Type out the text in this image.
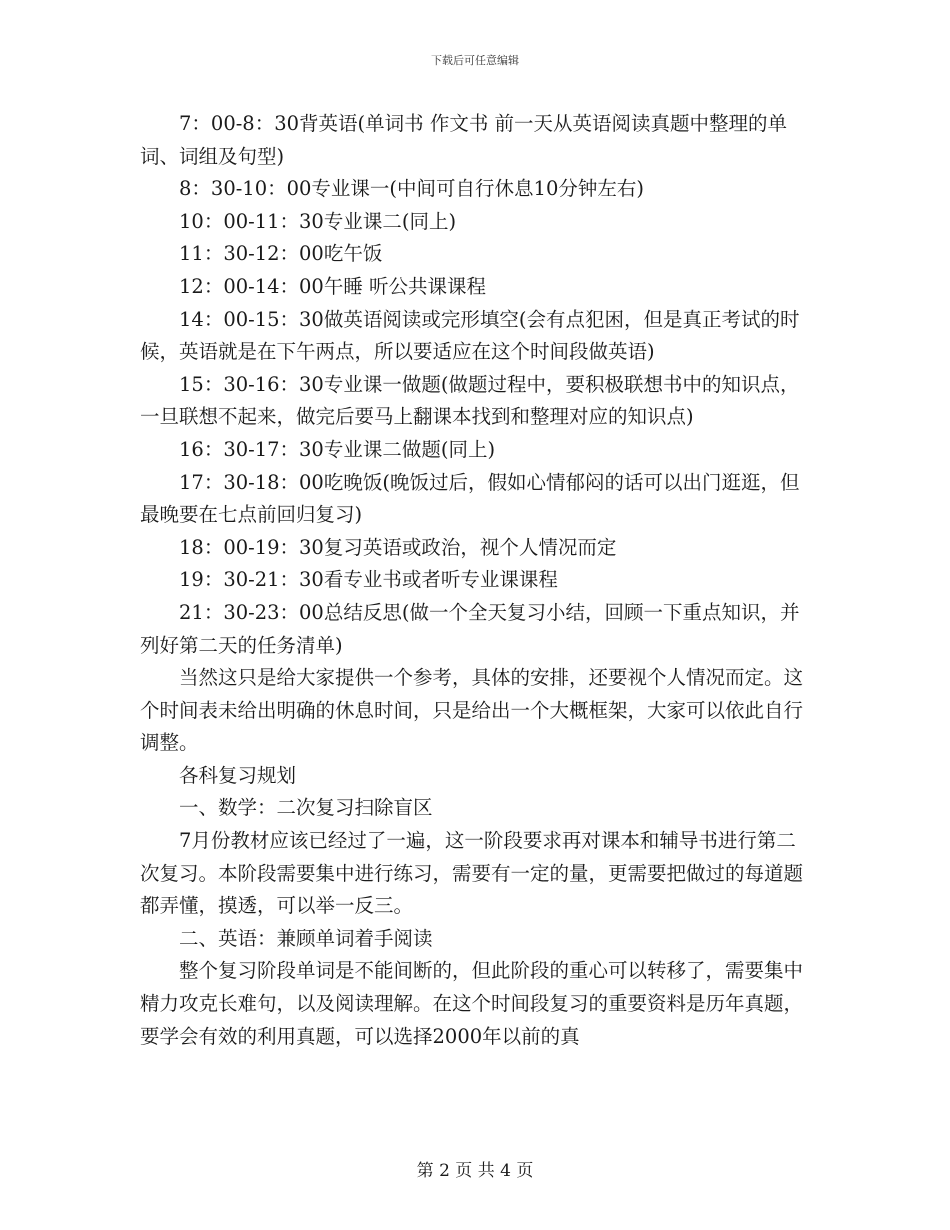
下载后可任意编辑

7：00-8：30背英语(单词书 作文书 前一天从英语阅读真题中整理的单词、词组及句型)

8：30-10：00专业课一(中间可自行休息10分钟左右)

10：00-11：30专业课二(同上)

11：30-12：00吃午饭

12：00-14：00午睡 听公共课课程

14：00-15：30做英语阅读或完形填空(会有点犯困，但是真正考试的时候，英语就是在下午两点，所以要适应在这个时间段做英语)

15：30-16：30专业课一做题(做题过程中，要积极联想书中的知识点，一旦联想不起来，做完后要马上翻课本找到和整理对应的知识点)

16：30-17：30专业课二做题(同上)

17：30-18：00吃晚饭(晚饭过后，假如心情郁闷的话可以出门逛逛，但最晚要在七点前回归复习)

18：00-19：30复习英语或政治，视个人情况而定

19：30-21：30看专业书或者听专业课课程

21：30-23：00总结反思(做一个全天复习小结，回顾一下重点知识，并列好第二天的任务清单)

当然这只是给大家提供一个参考，具体的安排，还要视个人情况而定。这个时间表未给出明确的休息时间，只是给出一个大概框架，大家可以依此自行调整。

各科复习规划

一、数学：二次复习扫除盲区

7月份教材应该已经过了一遍，这一阶段要求再对课本和辅导书进行第二次复习。本阶段需要集中进行练习，需要有一定的量，更需要把做过的每道题都弄懂，摸透，可以举一反三。

二、英语：兼顾单词着手阅读

整个复习阶段单词是不能间断的，但此阶段的重心可以转移了，需要集中精力攻克长难句，以及阅读理解。在这个时间段复习的重要资料是历年真题，要学会有效的利用真题，可以选择2000年以前的真

第 2 页 共 4 页
